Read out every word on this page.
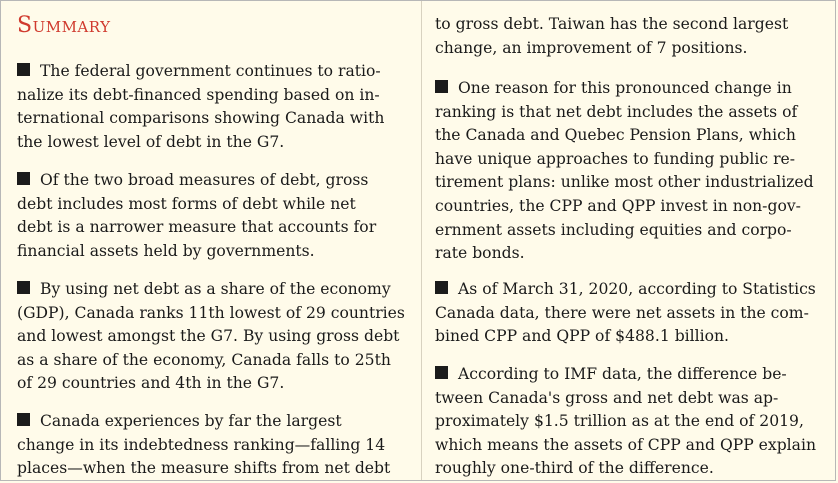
Summary

The federal government continues to ratio-
nalize its debt-financed spending based on in-
ternational comparisons showing Canada with
the lowest level of debt in the G7.

Of the two broad measures of debt, gross
debt includes most forms of debt while net
debt is a narrower measure that accounts for
financial assets held by governments.

By using net debt as a share of the economy
(GDP), Canada ranks 11th lowest of 29 countries
and lowest amongst the G7. By using gross debt
as a share of the economy, Canada falls to 25th
of 29 countries and 4th in the G7.

Canada experiences by far the largest
change in its indebtedness ranking—falling 14
places—when the measure shifts from net debt

to gross debt. Taiwan has the second largest
change, an improvement of 7 positions.

One reason for this pronounced change in
ranking is that net debt includes the assets of
the Canada and Quebec Pension Plans, which
have unique approaches to funding public re-
tirement plans: unlike most other industrialized
countries, the CPP and QPP invest in non-gov-
ernment assets including equities and corpo-
rate bonds.

As of March 31, 2020, according to Statistics
Canada data, there were net assets in the com-
bined CPP and QPP of $488.1 billion.

According to IMF data, the difference be-
tween Canada's gross and net debt was ap-
proximately $1.5 trillion as at the end of 2019,
which means the assets of CPP and QPP explain
roughly one-third of the difference.
